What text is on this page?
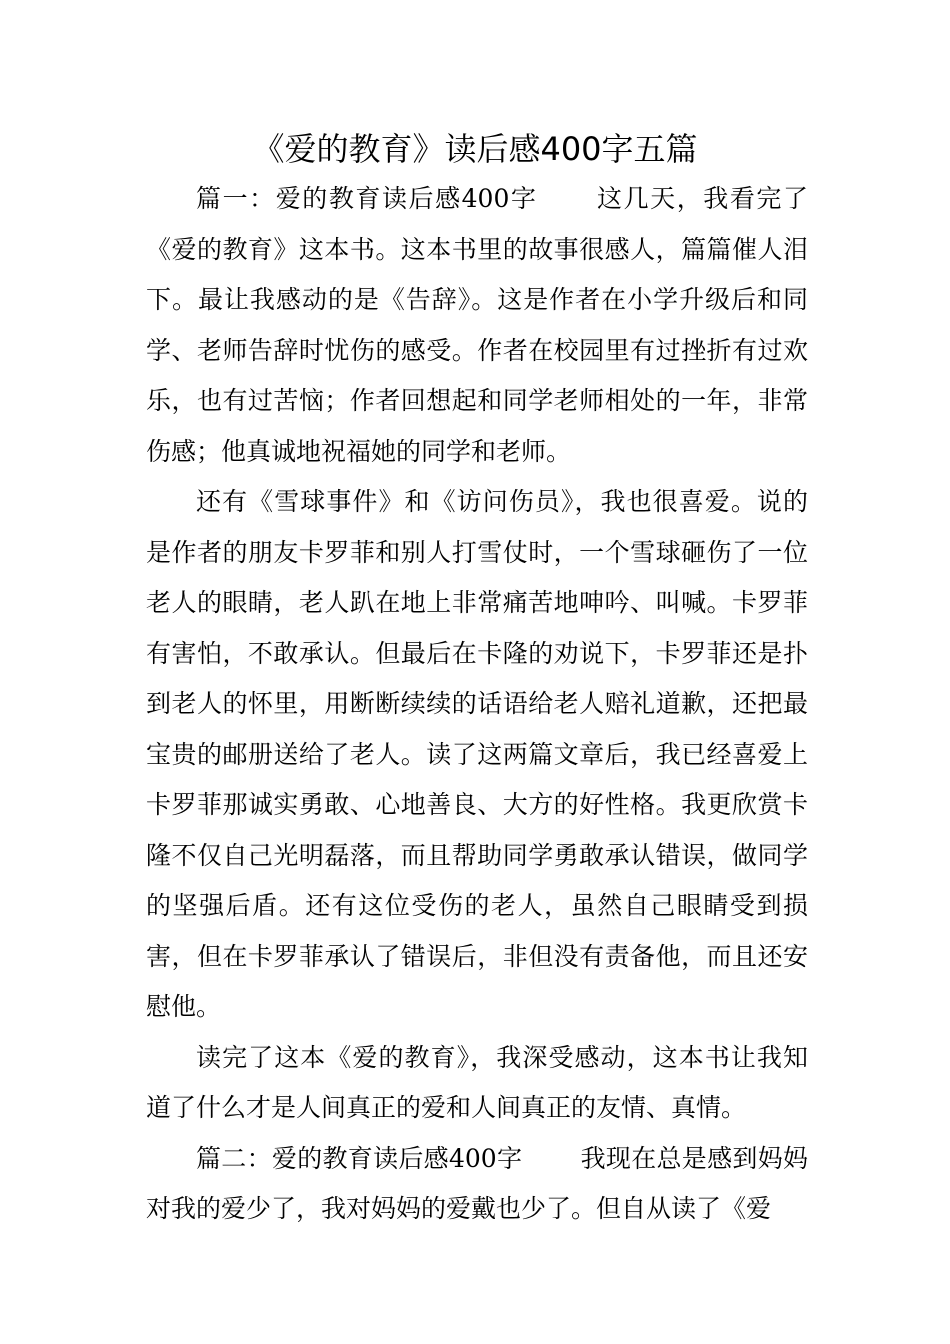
《爱的教育》读后感400字五篇

篇一：爱的教育读后感400字 这几天，我看完了《爱的教育》这本书。这本书里的故事很感人，篇篇催人泪下。最让我感动的是《告辞》。这是作者在小学升级后和同学、老师告辞时忧伤的感受。作者在校园里有过挫折有过欢乐，也有过苦恼；作者回想起和同学老师相处的一年，非常伤感；他真诚地祝福她的同学和老师。

还有《雪球事件》和《访问伤员》，我也很喜爱。说的是作者的朋友卡罗菲和别人打雪仗时，一个雪球砸伤了一位老人的眼睛，老人趴在地上非常痛苦地呻吟、叫喊。卡罗菲有害怕，不敢承认。但最后在卡隆的劝说下，卡罗菲还是扑到老人的怀里，用断断续续的话语给老人赔礼道歉，还把最宝贵的邮册送给了老人。读了这两篇文章后，我已经喜爱上卡罗菲那诚实勇敢、心地善良、大方的好性格。我更欣赏卡隆不仅自己光明磊落，而且帮助同学勇敢承认错误，做同学的坚强后盾。还有这位受伤的老人，虽然自己眼睛受到损害，但在卡罗菲承认了错误后，非但没有责备他，而且还安慰他。

读完了这本《爱的教育》，我深受感动，这本书让我知道了什么才是人间真正的爱和人间真正的友情、真情。

篇二：爱的教育读后感400字 我现在总是感到妈妈对我的爱少了，我对妈妈的爱戴也少了。但自从读了《爱
